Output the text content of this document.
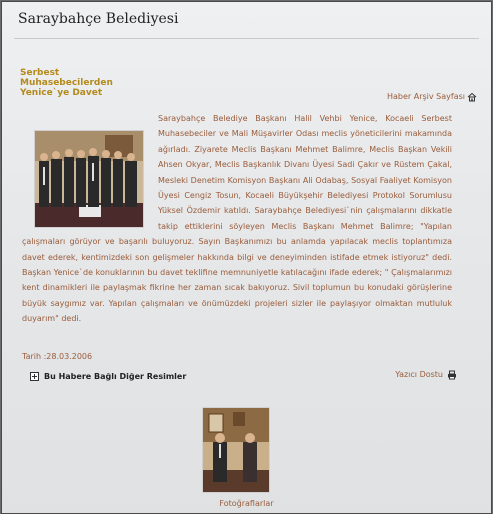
Saraybahçe Belediyesi
Serbest
Muhasebecilerden
Yenice`ye Davet	Haber Arşiv Sayfası
Saraybahçe Belediye Başkanı Halil Vehbi Yenice, Kocaeli Serbest Muhasebeciler ve Mali Müşavirler Odası meclis yöneticilerini makamında ağırladı. Ziyarete Meclis Başkanı Mehmet Balimre, Meclis Başkan Vekili Ahsen Okyar, Meclis Başkanlık Divanı Üyesi Sadi Çakır ve Rüstem Çakal, Mesleki Denetim Komisyon Başkanı Ali Odabaş, Sosyal Faaliyet Komisyon Üyesi Cengiz Tosun, Kocaeli Büyükşehir Belediyesi Protokol Sorumlusu Yüksel Özdemir katıldı. Saraybahçe Belediyesi`nin çalışmalarını dikkatle takip ettiklerini söyleyen Meclis Başkanı Mehmet Balimre; "Yapılan çalışmaları görüyor ve başarılı buluyoruz. Sayın Başkanımızı bu anlamda yapılacak meclis toplantımıza davet ederek, kentimizdeki son gelişmeler hakkında bilgi ve deneyiminden istifade etmek istiyoruz" dedi. Başkan Yenice`de konuklarının bu davet teklifine memnuniyetle katılacağını ifade ederek; " Çalışmalarımızı kent dinamikleri ile paylaşmak fikrine her zaman sıcak bakıyoruz. Sivil toplumun bu konudaki görüşlerine büyük saygımız var. Yapılan çalışmaları ve önümüzdeki projeleri sizler ile paylaşıyor olmaktan mutluluk duyarım" dedi.
Tarih :28.03.2006
Bu Habere Bağlı Diğer Resimler	Yazıcı Dostu
Fotoğraflarlar
